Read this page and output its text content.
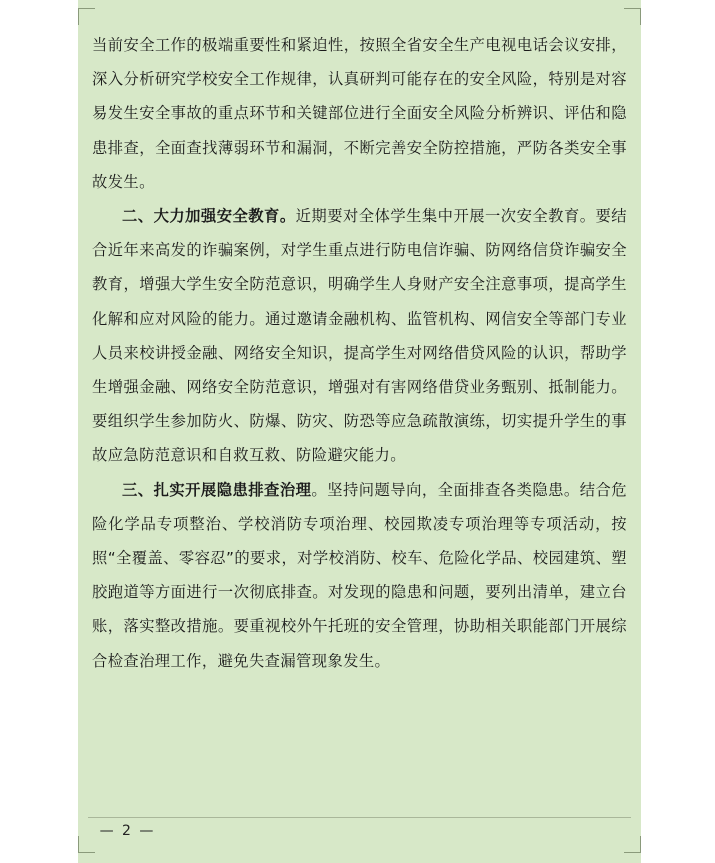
当前安全工作的极端重要性和紧迫性，按照全省安全生产电视电话会议安排，深入分析研究学校安全工作规律，认真研判可能存在的安全风险，特别是对容易发生安全事故的重点环节和关键部位进行全面安全风险分析辨识、评估和隐患排查，全面查找薄弱环节和漏洞，不断完善安全防控措施，严防各类安全事故发生。

二、大力加强安全教育。近期要对全体学生集中开展一次安全教育。要结合近年来高发的诈骗案例，对学生重点进行防电信诈骗、防网络信贷诈骗安全教育，增强大学生安全防范意识，明确学生人身财产安全注意事项，提高学生化解和应对风险的能力。通过邀请金融机构、监管机构、网信安全等部门专业人员来校讲授金融、网络安全知识，提高学生对网络借贷风险的认识，帮助学生增强金融、网络安全防范意识，增强对有害网络借贷业务甄别、抵制能力。要组织学生参加防火、防爆、防灾、防恐等应急疏散演练，切实提升学生的事故应急防范意识和自救互救、防险避灾能力。

三、扎实开展隐患排查治理。坚持问题导向，全面排查各类隐患。结合危险化学品专项整治、学校消防专项治理、校园欺凌专项治理等专项活动，按照“全覆盖、零容忍”的要求，对学校消防、校车、危险化学品、校园建筑、塑胶跑道等方面进行一次彻底排查。对发现的隐患和问题，要列出清单，建立台账，落实整改措施。要重视校外午托班的安全管理，协助相关职能部门开展综合检查治理工作，避免失查漏管现象发生。

— 2 —
